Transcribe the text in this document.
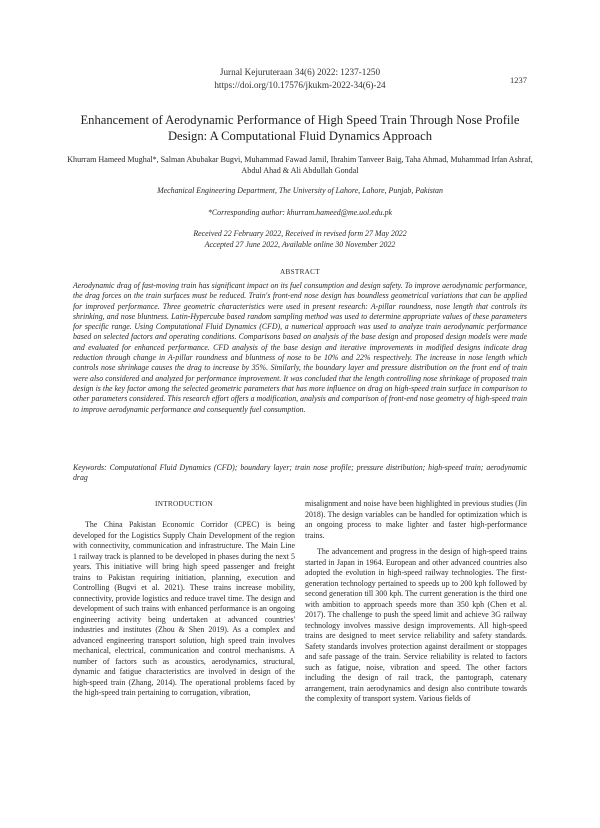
Jurnal Kejuruteraan 34(6) 2022: 1237-1250
https://doi.org/10.17576/jkukm-2022-34(6)-24	1237
Enhancement of Aerodynamic Performance of High Speed Train Through Nose Profile Design: A Computational Fluid Dynamics Approach
Khurram Hameed Mughal*, Salman Abubakar Bugvi, Muhammad Fawad Jamil, Ibrahim Tanveer Baig, Taha Ahmad, Muhammad Irfan Ashraf, Abdul Ahad & Ali Abdullah Gondal
Mechanical Engineering Department, The University of Lahore, Lahore, Punjab, Pakistan
*Corresponding author: khurram.hameed@me.uol.edu.pk
Received 22 February 2022, Received in revised form 27 May 2022
Accepted 27 June 2022, Available online 30 November 2022
ABSTRACT
Aerodynamic drag of fast-moving train has significant impact on its fuel consumption and design safety. To improve aerodynamic performance, the drag forces on the train surfaces must be reduced. Train's front-end nose design has boundless geometrical variations that can be applied for improved performance. Three geometric characteristics were used in present research: A-pillar roundness, nose length that controls its shrinking, and nose bluntness. Latin-Hypercube based random sampling method was used to determine appropriate values of these parameters for specific range. Using Computational Fluid Dynamics (CFD), a numerical approach was used to analyze train aerodynamic performance based on selected factors and operating conditions. Comparisons based on analysis of the base design and proposed design models were made and evaluated for enhanced performance. CFD analysis of the base design and iterative improvements in modified designs indicate drag reduction through change in A-pillar roundness and bluntness of nose to be 10% and 22% respectively. The increase in nose length which controls nose shrinkage causes the drag to increase by 35%. Similarly, the boundary layer and pressure distribution on the front end of train were also considered and analyzed for performance improvement. It was concluded that the length controlling nose shrinkage of proposed train design is the key factor among the selected geometric parameters that has more influence on drag on high-speed train surface in comparison to other parameters considered. This research effort offers a modification, analysis and comparison of front-end nose geometry of high-speed train to improve aerodynamic performance and consequently fuel consumption.
Keywords: Computational Fluid Dynamics (CFD); boundary layer; train nose profile; pressure distribution; high-speed train; aerodynamic drag
INTRODUCTION

The China Pakistan Economic Corridor (CPEC) is being developed for the Logistics Supply Chain Development of the region with connectivity, communication and infrastructure. The Main Line 1 railway track is planned to be developed in phases during the next 5 years. This initiative will bring high speed passenger and freight trains to Pakistan requiring initiation, planning, execution and Controlling (Bugvi et al. 2021). These trains increase mobility, connectivity, provide logistics and reduce travel time. The design and development of such trains with enhanced performance is an ongoing engineering activity being undertaken at advanced countries' industries and institutes (Zhou & Shen 2019). As a complex and advanced engineering transport solution, high speed train involves mechanical, electrical, communication and control mechanisms. A number of factors such as acoustics, aerodynamics, structural, dynamic and fatigue characteristics are involved in design of the high-speed train (Zhang, 2014). The operational problems faced by the high-speed train pertaining to corrugation, vibration,

misalignment and noise have been highlighted in previous studies (Jin 2018). The design variables can be handled for optimization which is an ongoing process to make lighter and faster high-performance trains.

The advancement and progress in the design of high-speed trains started in Japan in 1964. European and other advanced countries also adopted the evolution in high-speed railway technologies. The first-generation technology pertained to speeds up to 200 kph followed by second generation till 300 kph. The current generation is the third one with ambition to approach speeds more than 350 kph (Chen et al. 2017). The challenge to push the speed limit and achieve 3G railway technology involves massive design improvements. All high-speed trains are designed to meet service reliability and safety standards. Safety standards involves protection against derailment or stoppages and safe passage of the train. Service reliability is related to factors such as fatigue, noise, vibration and speed. The other factors including the design of rail track, the pantograph, catenary arrangement, train aerodynamics and design also contribute towards the complexity of transport system. Various fields of
